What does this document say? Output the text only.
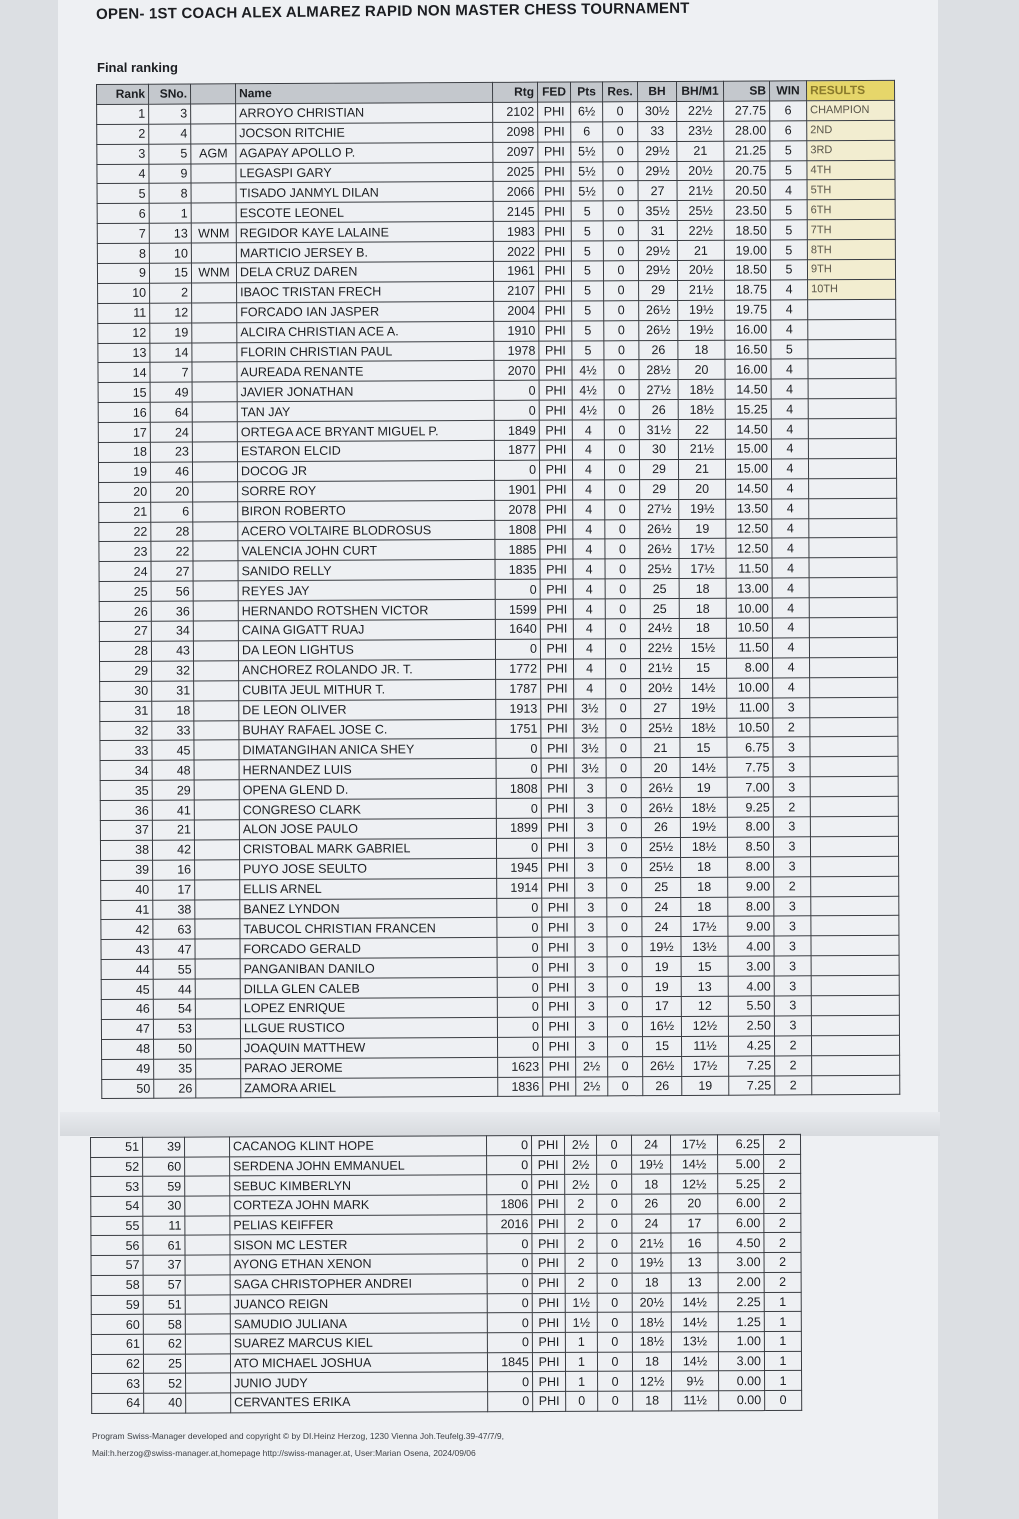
OPEN- 1ST COACH ALEX ALMAREZ RAPID NON MASTER CHESS TOURNAMENT
Final ranking
Rank	SNo.		Name	Rtg	FED	Pts	Res.	BH	BH/M1	SB	WIN	RESULTS
1	3		ARROYO CHRISTIAN	2102	PHI	6½	0	30½	22½	27.75	6	CHAMPION
2	4		JOCSON RITCHIE	2098	PHI	6	0	33	23½	28.00	6	2ND
3	5	AGM	AGAPAY APOLLO P.	2097	PHI	5½	0	29½	21	21.25	5	3RD
4	9		LEGASPI GARY	2025	PHI	5½	0	29½	20½	20.75	5	4TH
5	8		TISADO JANMYL DILAN	2066	PHI	5½	0	27	21½	20.50	4	5TH
6	1		ESCOTE LEONEL	2145	PHI	5	0	35½	25½	23.50	5	6TH
7	13	WNM	REGIDOR KAYE LALAINE	1983	PHI	5	0	31	22½	18.50	5	7TH
8	10		MARTICIO JERSEY B.	2022	PHI	5	0	29½	21	19.00	5	8TH
9	15	WNM	DELA CRUZ DAREN	1961	PHI	5	0	29½	20½	18.50	5	9TH
10	2		IBAOC TRISTAN FRECH	2107	PHI	5	0	29	21½	18.75	4	10TH
11	12		FORCADO IAN JASPER	2004	PHI	5	0	26½	19½	19.75	4	
12	19		ALCIRA CHRISTIAN ACE A.	1910	PHI	5	0	26½	19½	16.00	4	
13	14		FLORIN CHRISTIAN PAUL	1978	PHI	5	0	26	18	16.50	5	
14	7		AUREADA RENANTE	2070	PHI	4½	0	28½	20	16.00	4	
15	49		JAVIER JONATHAN	0	PHI	4½	0	27½	18½	14.50	4	
16	64		TAN JAY	0	PHI	4½	0	26	18½	15.25	4	
17	24		ORTEGA ACE BRYANT MIGUEL P.	1849	PHI	4	0	31½	22	14.50	4	
18	23		ESTARON ELCID	1877	PHI	4	0	30	21½	15.00	4	
19	46		DOCOG JR	0	PHI	4	0	29	21	15.00	4	
20	20		SORRE ROY	1901	PHI	4	0	29	20	14.50	4	
21	6		BIRON ROBERTO	2078	PHI	4	0	27½	19½	13.50	4	
22	28		ACERO VOLTAIRE BLODROSUS	1808	PHI	4	0	26½	19	12.50	4	
23	22		VALENCIA JOHN CURT	1885	PHI	4	0	26½	17½	12.50	4	
24	27		SANIDO RELLY	1835	PHI	4	0	25½	17½	11.50	4	
25	56		REYES JAY	0	PHI	4	0	25	18	13.00	4	
26	36		HERNANDO ROTSHEN VICTOR	1599	PHI	4	0	25	18	10.00	4	
27	34		CAINA GIGATT RUAJ	1640	PHI	4	0	24½	18	10.50	4	
28	43		DA LEON LIGHTUS	0	PHI	4	0	22½	15½	11.50	4	
29	32		ANCHOREZ ROLANDO JR. T.	1772	PHI	4	0	21½	15	8.00	4	
30	31		CUBITA JEUL MITHUR T.	1787	PHI	4	0	20½	14½	10.00	4	
31	18		DE LEON OLIVER	1913	PHI	3½	0	27	19½	11.00	3	
32	33		BUHAY RAFAEL JOSE C.	1751	PHI	3½	0	25½	18½	10.50	2	
33	45		DIMATANGIHAN ANICA SHEY	0	PHI	3½	0	21	15	6.75	3	
34	48		HERNANDEZ LUIS	0	PHI	3½	0	20	14½	7.75	3	
35	29		OPENA GLEND D.	1808	PHI	3	0	26½	19	7.00	3	
36	41		CONGRESO CLARK	0	PHI	3	0	26½	18½	9.25	2	
37	21		ALON JOSE PAULO	1899	PHI	3	0	26	19½	8.00	3	
38	42		CRISTOBAL MARK GABRIEL	0	PHI	3	0	25½	18½	8.50	3	
39	16		PUYO JOSE SEULTO	1945	PHI	3	0	25½	18	8.00	3	
40	17		ELLIS ARNEL	1914	PHI	3	0	25	18	9.00	2	
41	38		BANEZ LYNDON	0	PHI	3	0	24	18	8.00	3	
42	63		TABUCOL CHRISTIAN FRANCEN	0	PHI	3	0	24	17½	9.00	3	
43	47		FORCADO GERALD	0	PHI	3	0	19½	13½	4.00	3	
44	55		PANGANIBAN DANILO	0	PHI	3	0	19	15	3.00	3	
45	44		DILLA GLEN CALEB	0	PHI	3	0	19	13	4.00	3	
46	54		LOPEZ ENRIQUE	0	PHI	3	0	17	12	5.50	3	
47	53		LLGUE RUSTICO	0	PHI	3	0	16½	12½	2.50	3	
48	50		JOAQUIN MATTHEW	0	PHI	3	0	15	11½	4.25	2	
49	35		PARAO JEROME	1623	PHI	2½	0	26½	17½	7.25	2	
50	26		ZAMORA ARIEL	1836	PHI	2½	0	26	19	7.25	2	
51	39		CACANOG KLINT HOPE	0	PHI	2½	0	24	17½	6.25	2
52	60		SERDENA JOHN EMMANUEL	0	PHI	2½	0	19½	14½	5.00	2
53	59		SEBUC KIMBERLYN	0	PHI	2½	0	18	12½	5.25	2
54	30		CORTEZA JOHN MARK	1806	PHI	2	0	26	20	6.00	2
55	11		PELIAS KEIFFER	2016	PHI	2	0	24	17	6.00	2
56	61		SISON MC LESTER	0	PHI	2	0	21½	16	4.50	2
57	37		AYONG ETHAN XENON	0	PHI	2	0	19½	13	3.00	2
58	57		SAGA CHRISTOPHER ANDREI	0	PHI	2	0	18	13	2.00	2
59	51		JUANCO REIGN	0	PHI	1½	0	20½	14½	2.25	1
60	58		SAMUDIO JULIANA	0	PHI	1½	0	18½	14½	1.25	1
61	62		SUAREZ MARCUS KIEL	0	PHI	1	0	18½	13½	1.00	1
62	25		ATO MICHAEL JOSHUA	1845	PHI	1	0	18	14½	3.00	1
63	52		JUNIO JUDY	0	PHI	1	0	12½	9½	0.00	1
64	40		CERVANTES ERIKA	0	PHI	0	0	18	11½	0.00	0
Program Swiss-Manager developed and copyright © by DI.Heinz Herzog, 1230 Vienna Joh.Teufelg.39-47/7/9,
Mail:h.herzog@swiss-manager.at,homepage http://swiss-manager.at, User:Marian Osena, 2024/09/06
